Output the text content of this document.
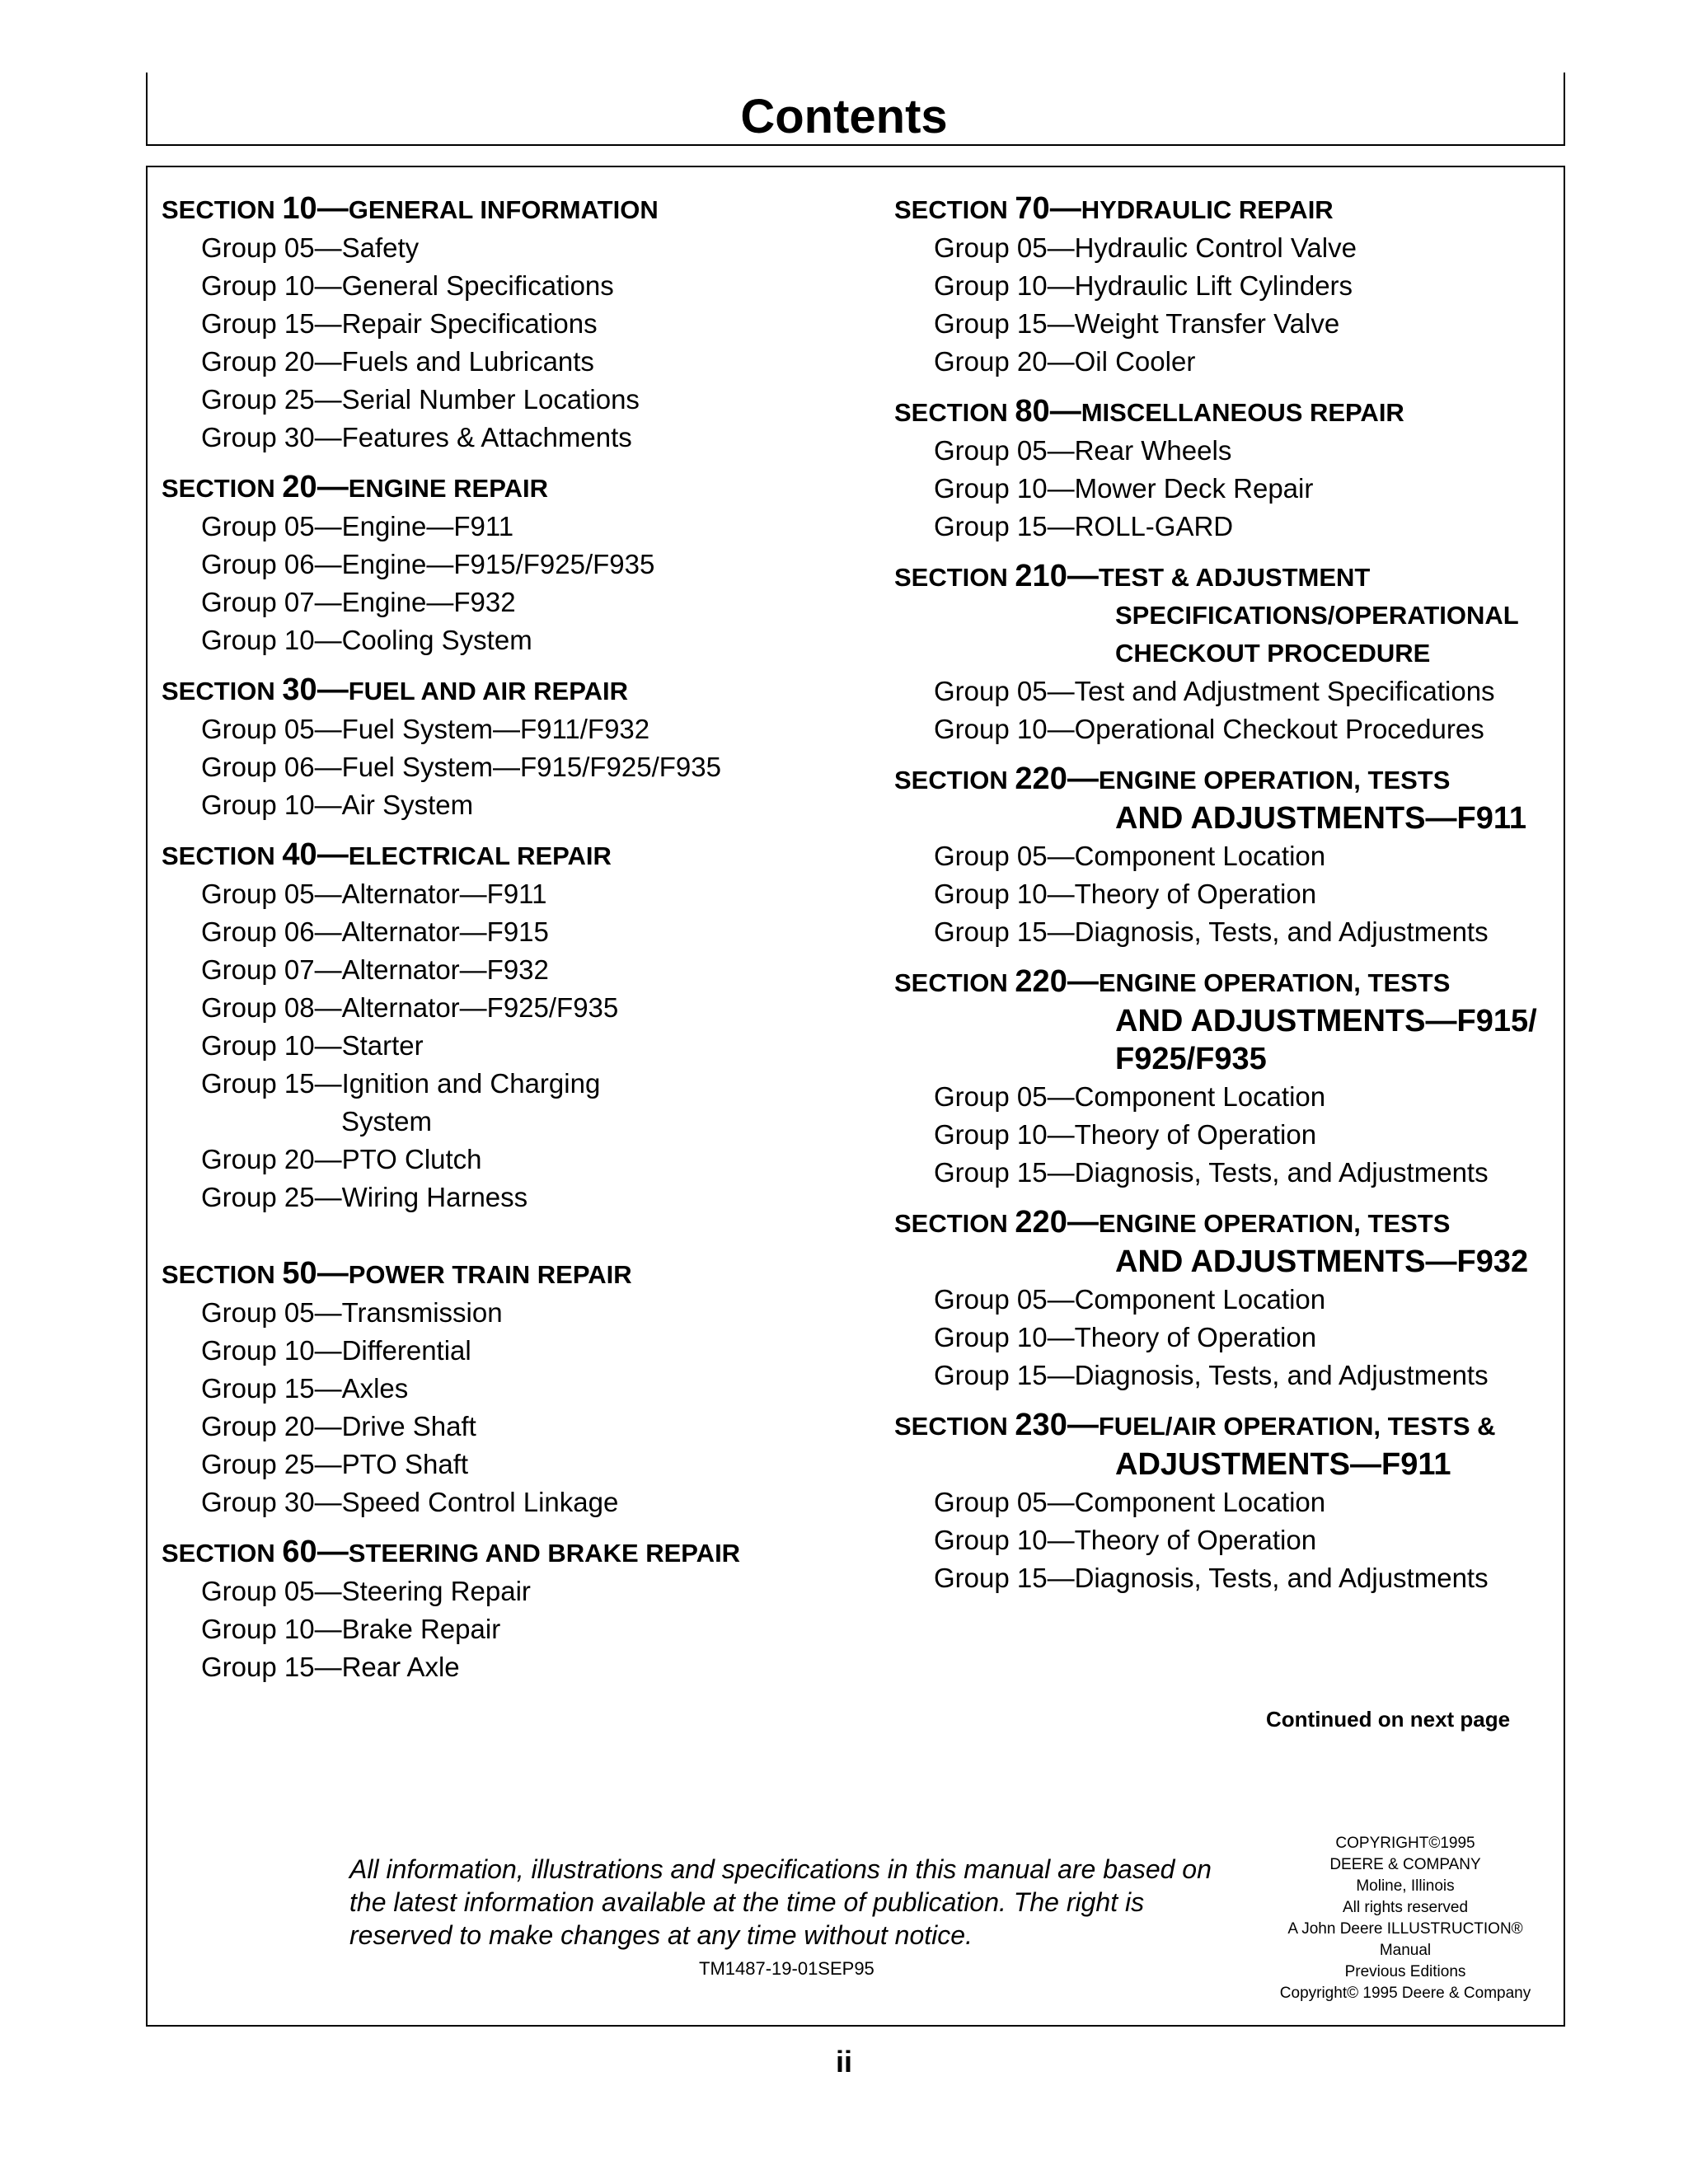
Contents
SECTION 10—GENERAL INFORMATION
Group 05—Safety
Group 10—General Specifications
Group 15—Repair Specifications
Group 20—Fuels and Lubricants
Group 25—Serial Number Locations
Group 30—Features & Attachments
SECTION 20—ENGINE REPAIR
Group 05—Engine—F911
Group 06—Engine—F915/F925/F935
Group 07—Engine—F932
Group 10—Cooling System
SECTION 30—FUEL AND AIR REPAIR
Group 05—Fuel System—F911/F932
Group 06—Fuel System—F915/F925/F935
Group 10—Air System
SECTION 40—ELECTRICAL REPAIR
Group 05—Alternator—F911
Group 06—Alternator—F915
Group 07—Alternator—F932
Group 08—Alternator—F925/F935
Group 10—Starter
Group 15—Ignition and Charging
System
Group 20—PTO Clutch
Group 25—Wiring Harness
SECTION 50—POWER TRAIN REPAIR
Group 05—Transmission
Group 10—Differential
Group 15—Axles
Group 20—Drive Shaft
Group 25—PTO Shaft
Group 30—Speed Control Linkage
SECTION 60—STEERING AND BRAKE REPAIR
Group 05—Steering Repair
Group 10—Brake Repair
Group 15—Rear Axle
SECTION 70—HYDRAULIC REPAIR
Group 05—Hydraulic Control Valve
Group 10—Hydraulic Lift Cylinders
Group 15—Weight Transfer Valve
Group 20—Oil Cooler
SECTION 80—MISCELLANEOUS REPAIR
Group 05—Rear Wheels
Group 10—Mower Deck Repair
Group 15—ROLL-GARD
SECTION 210—TEST & ADJUSTMENT
SPECIFICATIONS/OPERATIONAL
CHECKOUT PROCEDURE
Group 05—Test and Adjustment Specifications
Group 10—Operational Checkout Procedures
SECTION 220—ENGINE OPERATION, TESTS
AND ADJUSTMENTS—F911
Group 05—Component Location
Group 10—Theory of Operation
Group 15—Diagnosis, Tests, and Adjustments
SECTION 220—ENGINE OPERATION, TESTS
AND ADJUSTMENTS—F915/
F925/F935
Group 05—Component Location
Group 10—Theory of Operation
Group 15—Diagnosis, Tests, and Adjustments
SECTION 220—ENGINE OPERATION, TESTS
AND ADJUSTMENTS—F932
Group 05—Component Location
Group 10—Theory of Operation
Group 15—Diagnosis, Tests, and Adjustments
SECTION 230—FUEL/AIR OPERATION, TESTS &
ADJUSTMENTS—F911
Group 05—Component Location
Group 10—Theory of Operation
Group 15—Diagnosis, Tests, and Adjustments
Continued on next page
All information, illustrations and specifications in this manual are based on the latest information available at the time of publication. The right is reserved to make changes at any time without notice.
TM1487-19-01SEP95
COPYRIGHT©1995
DEERE & COMPANY
Moline, Illinois
All rights reserved
A John Deere ILLUSTRUCTION®
Manual
Previous Editions
Copyright© 1995 Deere & Company
ii
